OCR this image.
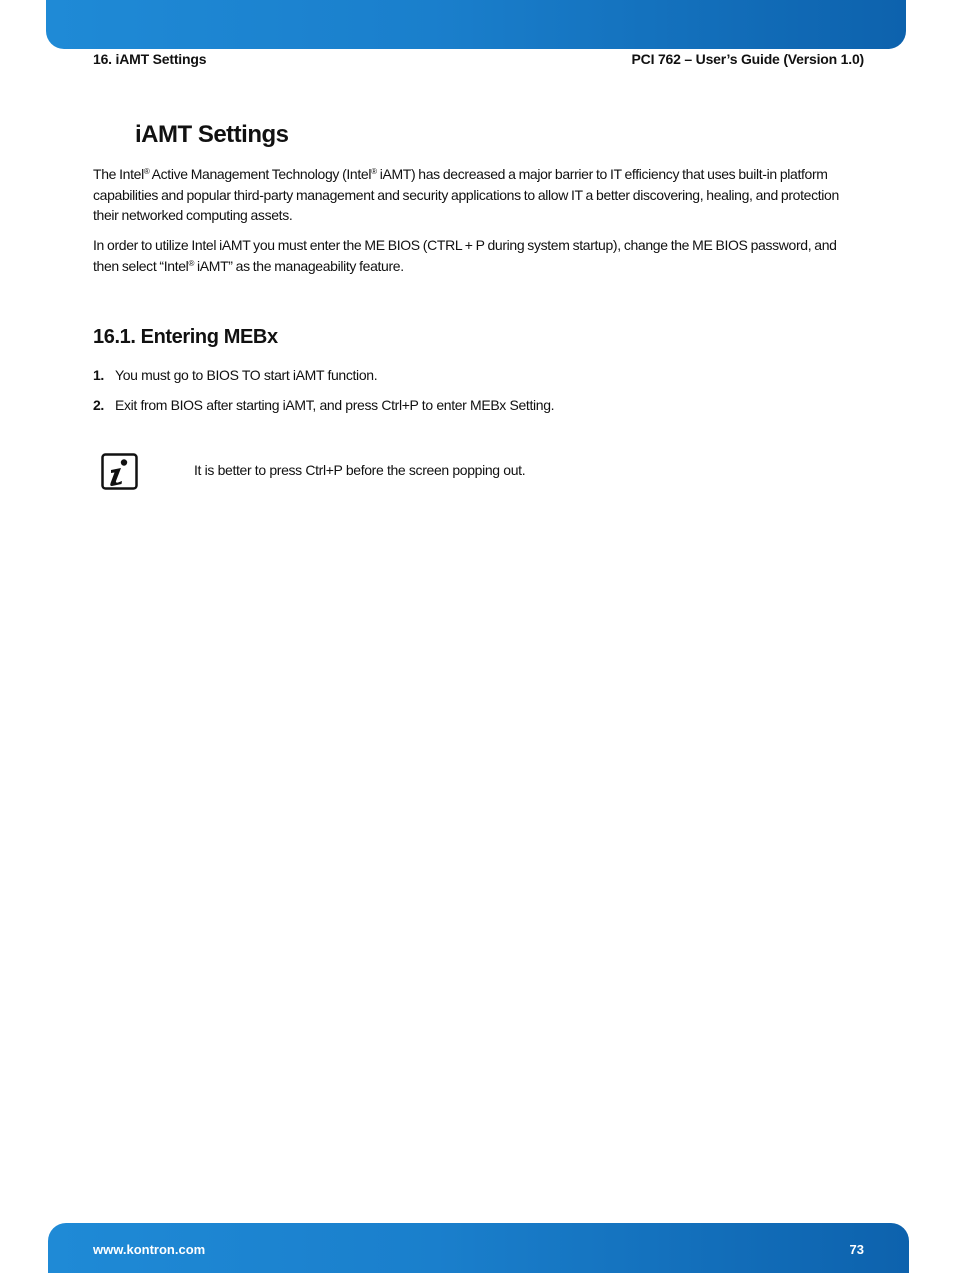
16. iAMT Settings	PCI 762 – User’s Guide (Version 1.0)
iAMT Settings

The Intel® Active Management Technology (Intel® iAMT) has decreased a major barrier to IT efficiency that uses built-in platform capabilities and popular third-party management and security applications to allow IT a better discovering, healing, and protection their networked computing assets.

In order to utilize Intel iAMT you must enter the ME BIOS (CTRL + P during system startup), change the ME BIOS password, and then select “Intel® iAMT” as the manageability feature.

16.1. Entering MEBx
1. You must go to BIOS TO start iAMT function.
2. Exit from BIOS after starting iAMT, and press Ctrl+P to enter MEBx Setting.
It is better to press Ctrl+P before the screen popping out.
www.kontron.com	73
